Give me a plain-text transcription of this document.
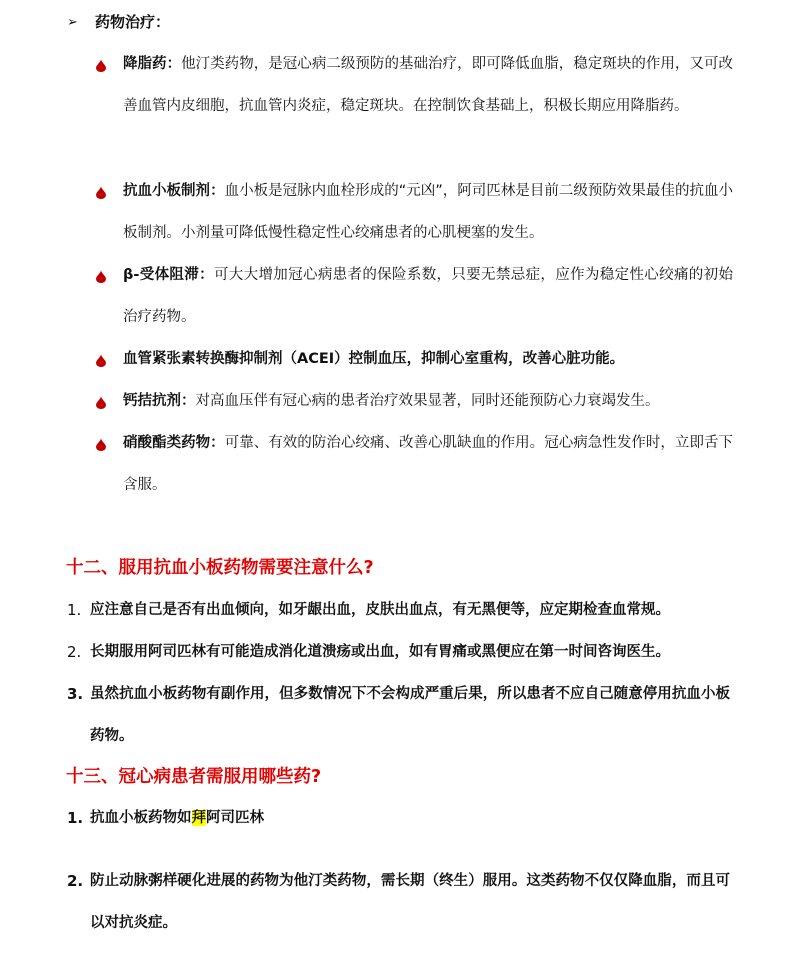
➢ 药物治疗：
降脂药：他汀类药物，是冠心病二级预防的基础治疗，即可降低血脂，稳定斑块的作用，又可改善血管内皮细胞，抗血管内炎症，稳定斑块。在控制饮食基础上，积极长期应用降脂药。
抗血小板制剂：血小板是冠脉内血栓形成的“元凶”，阿司匹林是目前二级预防效果最佳的抗血小板制剂。小剂量可降低慢性稳定性心绞痛患者的心肌梗塞的发生。
β-受体阻滞：可大大增加冠心病患者的保险系数，只要无禁忌症，应作为稳定性心绞痛的初始治疗药物。
血管紧张素转换酶抑制剂（ACEI）控制血压，抑制心室重构，改善心脏功能。
钙拮抗剂：对高血压伴有冠心病的患者治疗效果显著，同时还能预防心力衰竭发生。
硝酸酯类药物：可靠、有效的防治心绞痛、改善心肌缺血的作用。冠心病急性发作时，立即舌下含服。
十二、服用抗血小板药物需要注意什么?
1. 应注意自己是否有出血倾向，如牙龈出血，皮肤出血点，有无黑便等，应定期检查血常规。
2. 长期服用阿司匹林有可能造成消化道溃疡或出血，如有胃痛或黑便应在第一时间咨询医生。
3. 虽然抗血小板药物有副作用，但多数情况下不会构成严重后果，所以患者不应自己随意停用抗血小板药物。
十三、冠心病患者需服用哪些药?
1. 抗血小板药物如拜阿司匹林
2. 防止动脉粥样硬化进展的药物为他汀类药物，需长期（终生）服用。这类药物不仅仅降血脂，而且可以对抗炎症。
